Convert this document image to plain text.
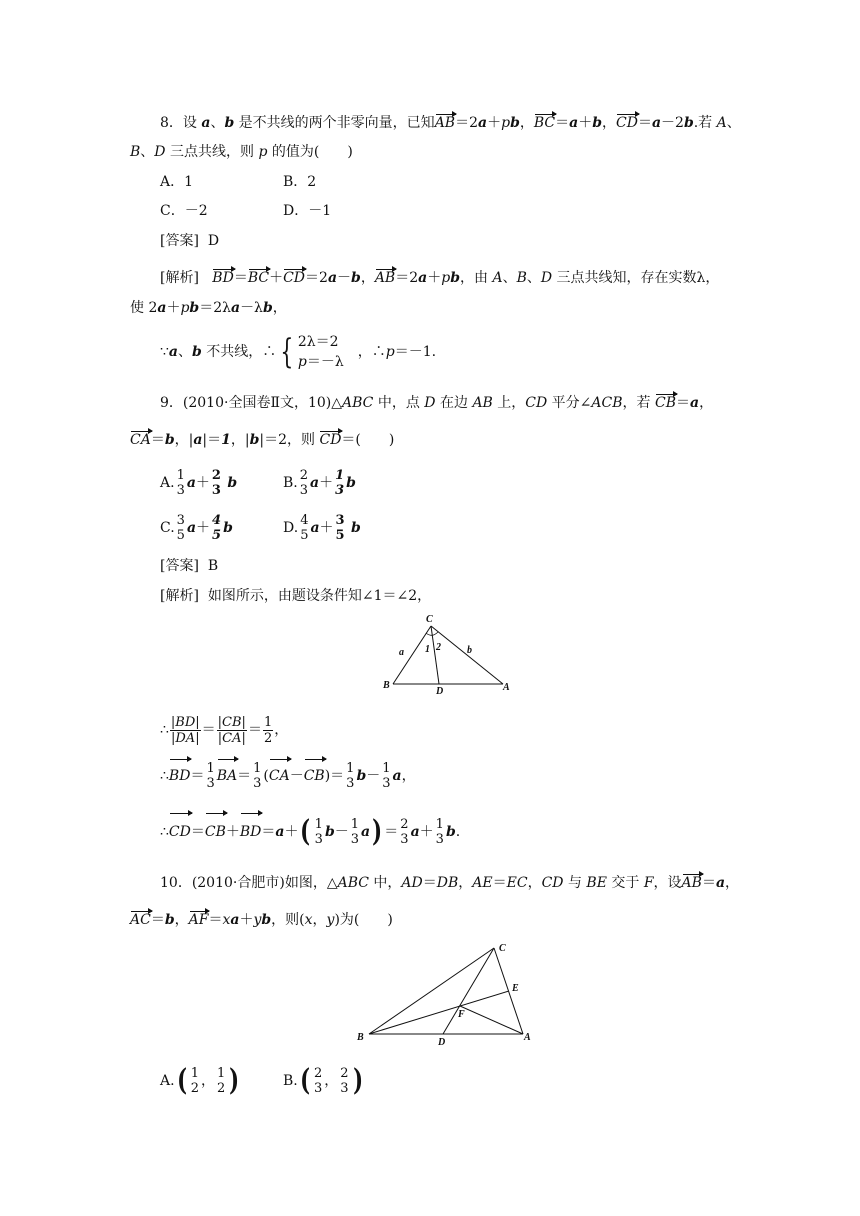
8．设 a、b 是不共线的两个非零向量，已知AB＝2a＋pb，BC＝a＋b，CD＝a－2b.若 A、
B、D 三点共线，则 p 的值为(　　)
A．1	B．2
C．－2	D．－1
[答案] D
[解析] BD＝BC＋CD＝2a－b，AB＝2a＋pb，由 A、B、D 三点共线知，存在实数λ，
使 2a＋pb＝2λa－λb，
∵a、b 不共线，∴ { 2λ＝2
p＝－λ
　，∴p＝－1.
9．(2010·全国卷Ⅱ文，10)△ABC 中，点 D 在边 AB 上，CD 平分∠ACB，若 CB＝a，
CA＝b，|a|＝1，|b|＝2，则 CD＝(　　)
A. 1
3 a＋ 2
3 b	B. 2
3 a＋ 1
3 b
C. 3
5 a＋ 4
5 b	D. 4
5 a＋ 3
5 b
[答案] B
[解析] 如图所示，由题设条件知∠1＝∠2，
C
B	A
D
a	b
1 2
∴ $\frac{|BD|}{|DA|} = \frac{|CB|}{|CA|} = \frac{1}{2}$ ，
∴BD＝ 1
3 BA＝ 1
3 (CA－CB)＝ 1
3 b－ 1
3 a，
∴CD＝CB＋BD＝a＋( 1
3 b－ 1
3 a) ＝ 2
3 a＋ 1
3 b.
10．(2010·合肥市)如图，△ABC 中，AD＝DB，AE＝EC，CD 与 BE 交于 F，设AB＝a，
AC＝b，AF＝xa＋yb，则(x，y)为(　　)
C
E
F
B	A
D
A.( 1
2 ， 1
2 )	B.( 2
3 ， 2
3 )
